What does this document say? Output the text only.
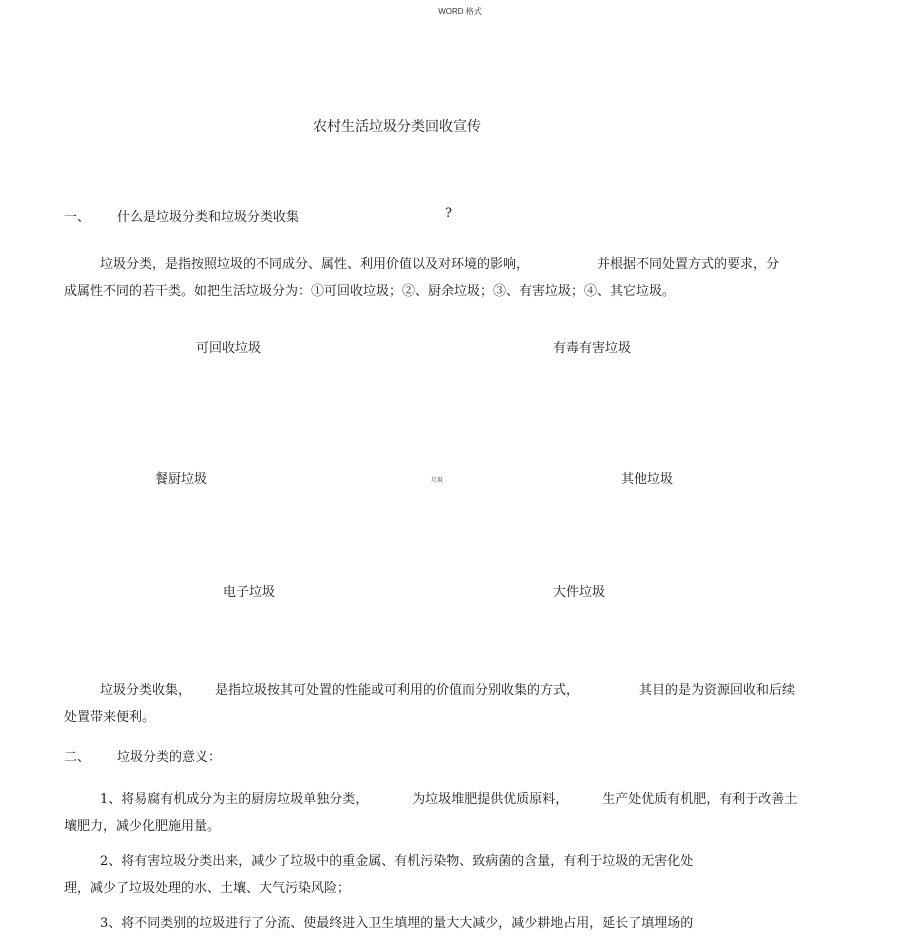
WORD 格式
农村生活垃圾分类回收宣传
一、 什么是垃圾分类和垃圾分类收集	?

垃圾分类，是指按照垃圾的不同成分、属性、利用价值以及对环境的影响，	并根据不同处置方式的要求，分

成属性不同的若干类。如把生活垃圾分为：①可回收垃圾；②、厨余垃圾；③、有害垃圾；④、其它垃圾。

可回收垃圾	有毒有害垃圾
餐厨垃圾	垃圾	其他垃圾
电子垃圾	大件垃圾

垃圾分类收集， 是指垃圾按其可处置的性能或可利用的价值而分别收集的方式，	其目的是为资源回收和后续

处置带来便利。

二、 垃圾分类的意义：

1、将易腐有机成分为主的厨房垃圾单独分类，	为垃圾堆肥提供优质原料，	生产处优质有机肥，有利于改善土

壤肥力，减少化肥施用量。

2、将有害垃圾分类出来，减少了垃圾中的重金属、有机污染物、致病菌的含量，有利于垃圾的无害化处

理，减少了垃圾处理的水、土壤、大气污染风险；

3、将不同类别的垃圾进行了分流、使最终进入卫生填埋的量大大减少，减少耕地占用，延长了填埋场的
